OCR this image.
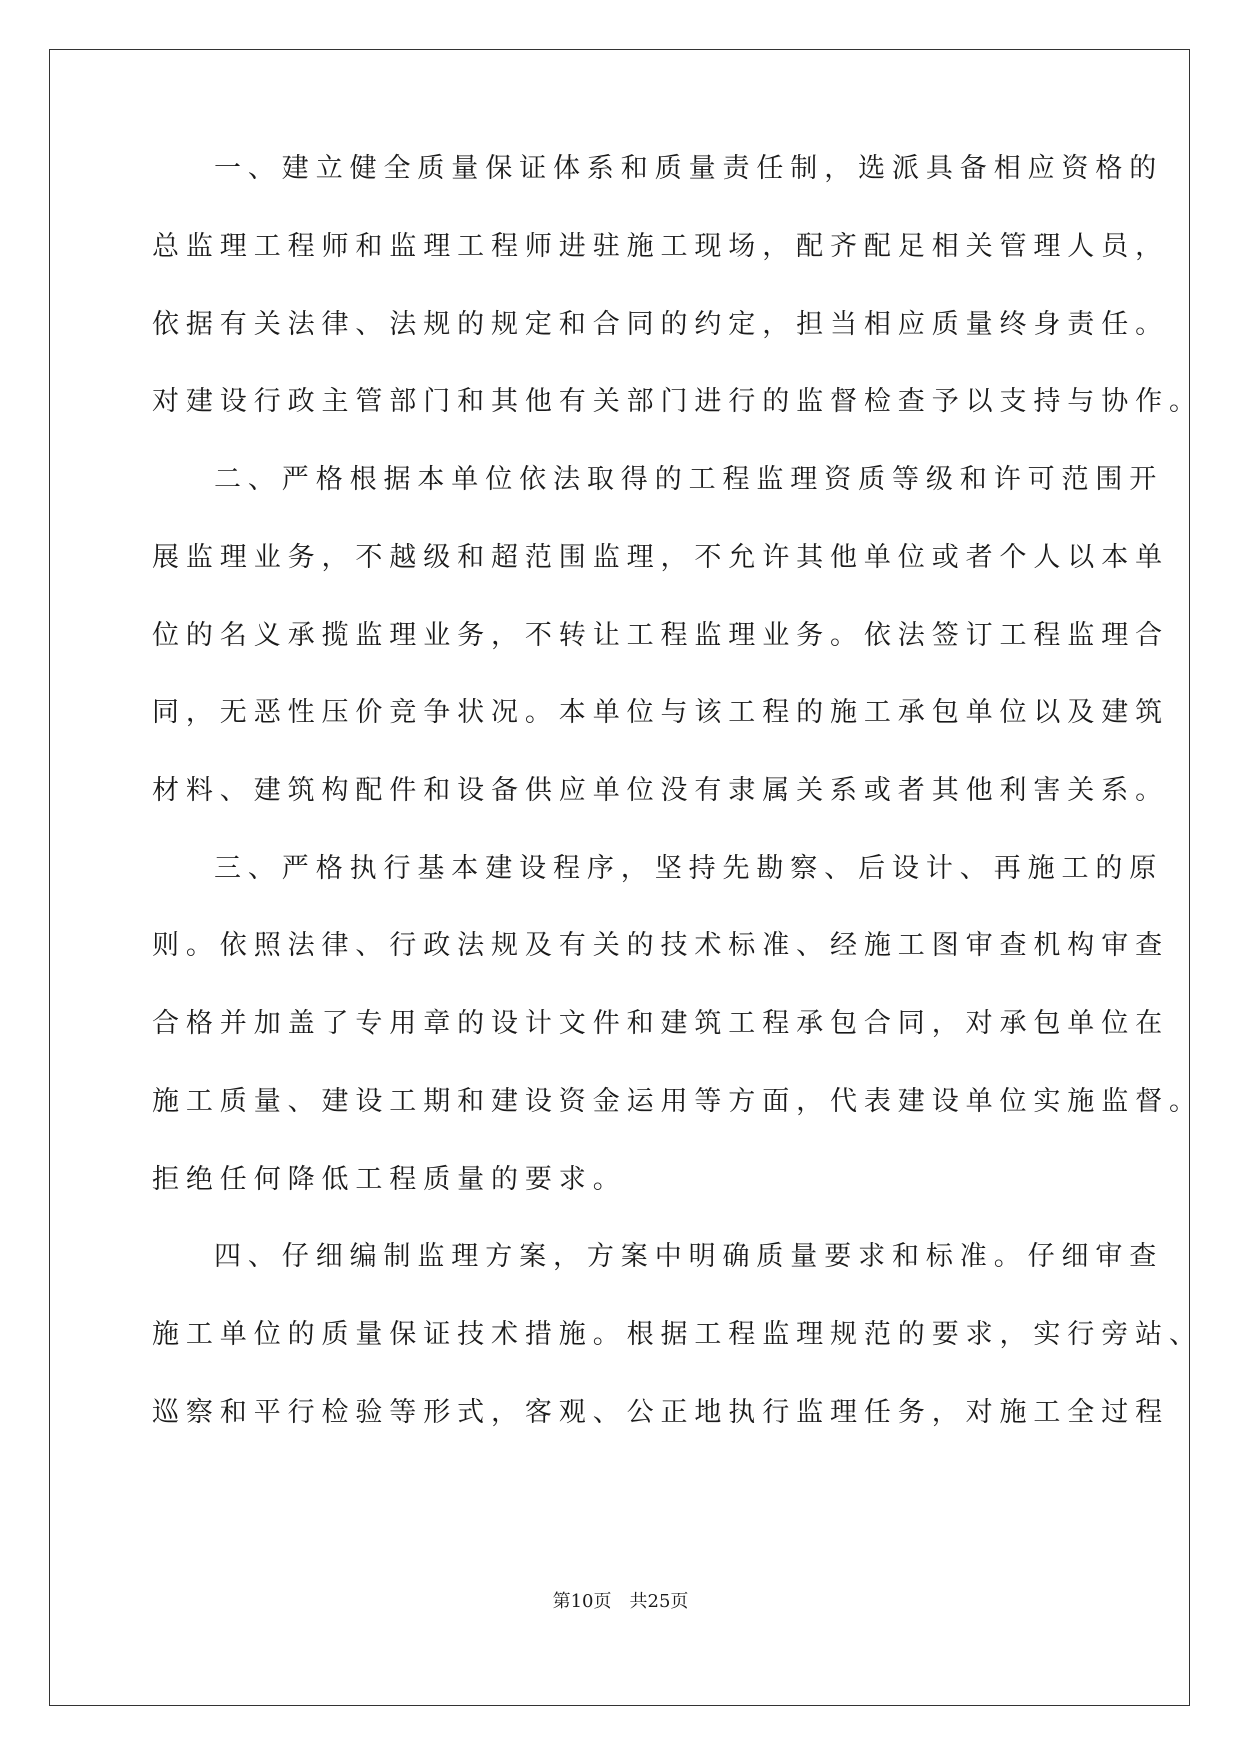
一、建立健全质量保证体系和质量责任制，选派具备相应资格的
总监理工程师和监理工程师进驻施工现场，配齐配足相关管理人员，
依据有关法律、法规的规定和合同的约定，担当相应质量终身责任。
对建设行政主管部门和其他有关部门进行的监督检查予以支持与协作。
二、严格根据本单位依法取得的工程监理资质等级和许可范围开
展监理业务，不越级和超范围监理，不允许其他单位或者个人以本单
位的名义承揽监理业务，不转让工程监理业务。依法签订工程监理合
同，无恶性压价竞争状况。本单位与该工程的施工承包单位以及建筑
材料、建筑构配件和设备供应单位没有隶属关系或者其他利害关系。
三、严格执行基本建设程序，坚持先勘察、后设计、再施工的原
则。依照法律、行政法规及有关的技术标准、经施工图审查机构审查
合格并加盖了专用章的设计文件和建筑工程承包合同，对承包单位在
施工质量、建设工期和建设资金运用等方面，代表建设单位实施监督。
拒绝任何降低工程质量的要求。
四、仔细编制监理方案，方案中明确质量要求和标准。仔细审查
施工单位的质量保证技术措施。根据工程监理规范的要求，实行旁站、
巡察和平行检验等形式，客观、公正地执行监理任务，对施工全过程
第10页 共25页
